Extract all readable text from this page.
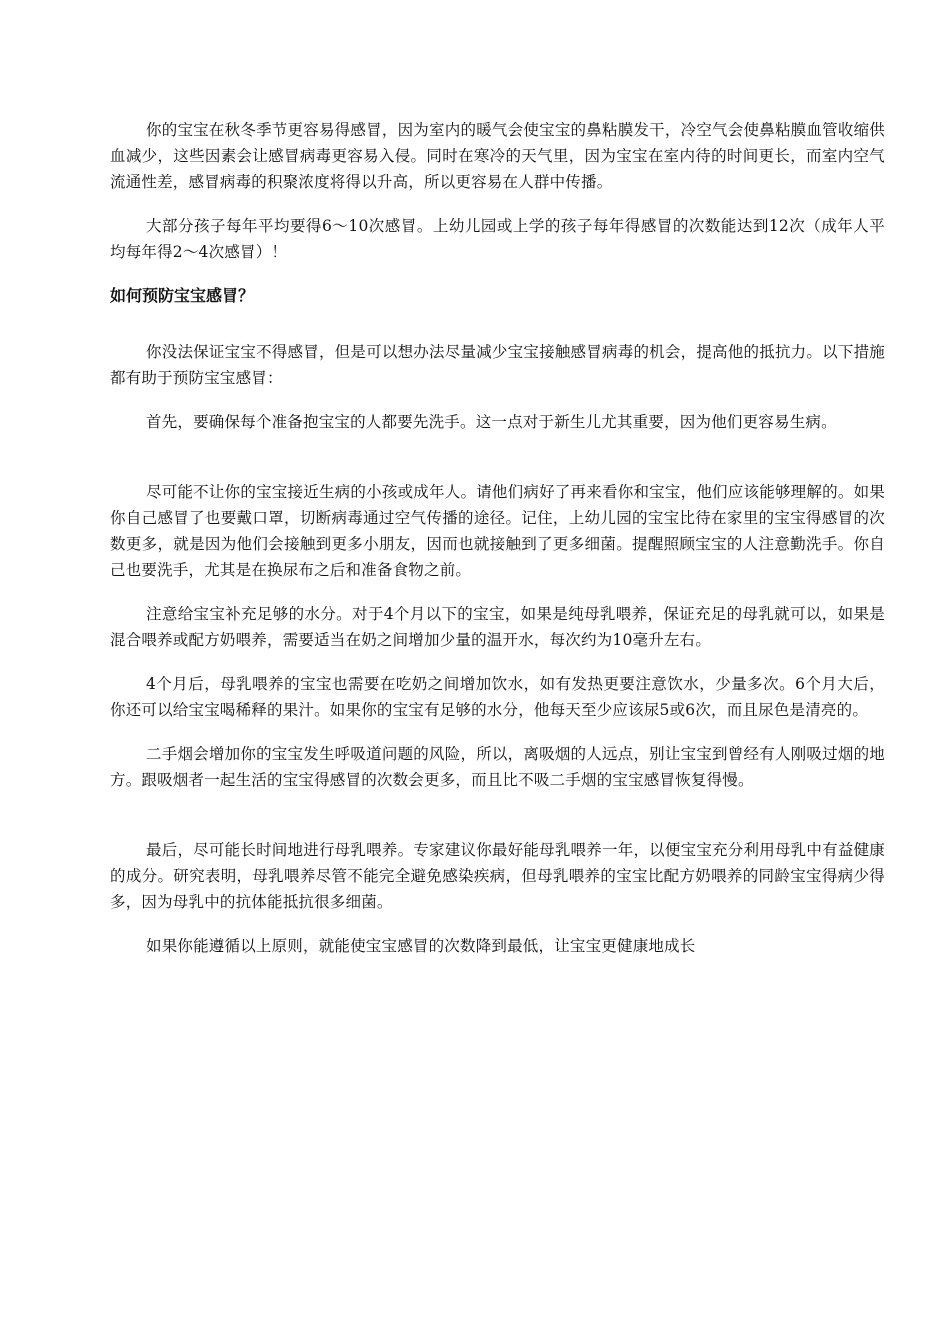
你的宝宝在秋冬季节更容易得感冒，因为室内的暖气会使宝宝的鼻粘膜发干，冷空气会使鼻粘膜血管收缩供血减少，这些因素会让感冒病毒更容易入侵。同时在寒冷的天气里，因为宝宝在室内待的时间更长，而室内空气流通性差，感冒病毒的积聚浓度将得以升高，所以更容易在人群中传播。

大部分孩子每年平均要得6～10次感冒。上幼儿园或上学的孩子每年得感冒的次数能达到12次（成年人平均每年得2～4次感冒）！

如何预防宝宝感冒？

你没法保证宝宝不得感冒，但是可以想办法尽量减少宝宝接触感冒病毒的机会，提高他的抵抗力。以下措施都有助于预防宝宝感冒：

首先，要确保每个准备抱宝宝的人都要先洗手。这一点对于新生儿尤其重要，因为他们更容易生病。

尽可能不让你的宝宝接近生病的小孩或成年人。请他们病好了再来看你和宝宝，他们应该能够理解的。如果你自己感冒了也要戴口罩，切断病毒通过空气传播的途径。记住，上幼儿园的宝宝比待在家里的宝宝得感冒的次数更多，就是因为他们会接触到更多小朋友，因而也就接触到了更多细菌。提醒照顾宝宝的人注意勤洗手。你自己也要洗手，尤其是在换尿布之后和准备食物之前。

注意给宝宝补充足够的水分。对于4个月以下的宝宝，如果是纯母乳喂养，保证充足的母乳就可以，如果是混合喂养或配方奶喂养，需要适当在奶之间增加少量的温开水，每次约为10毫升左右。

4个月后，母乳喂养的宝宝也需要在吃奶之间增加饮水，如有发热更要注意饮水，少量多次。6个月大后，你还可以给宝宝喝稀释的果汁。如果你的宝宝有足够的水分，他每天至少应该尿5或6次，而且尿色是清亮的。

二手烟会增加你的宝宝发生呼吸道问题的风险，所以，离吸烟的人远点，别让宝宝到曾经有人刚吸过烟的地方。跟吸烟者一起生活的宝宝得感冒的次数会更多，而且比不吸二手烟的宝宝感冒恢复得慢。

最后，尽可能长时间地进行母乳喂养。专家建议你最好能母乳喂养一年，以便宝宝充分利用母乳中有益健康的成分。研究表明，母乳喂养尽管不能完全避免感染疾病，但母乳喂养的宝宝比配方奶喂养的同龄宝宝得病少得多，因为母乳中的抗体能抵抗很多细菌。

如果你能遵循以上原则，就能使宝宝感冒的次数降到最低，让宝宝更健康地成长
